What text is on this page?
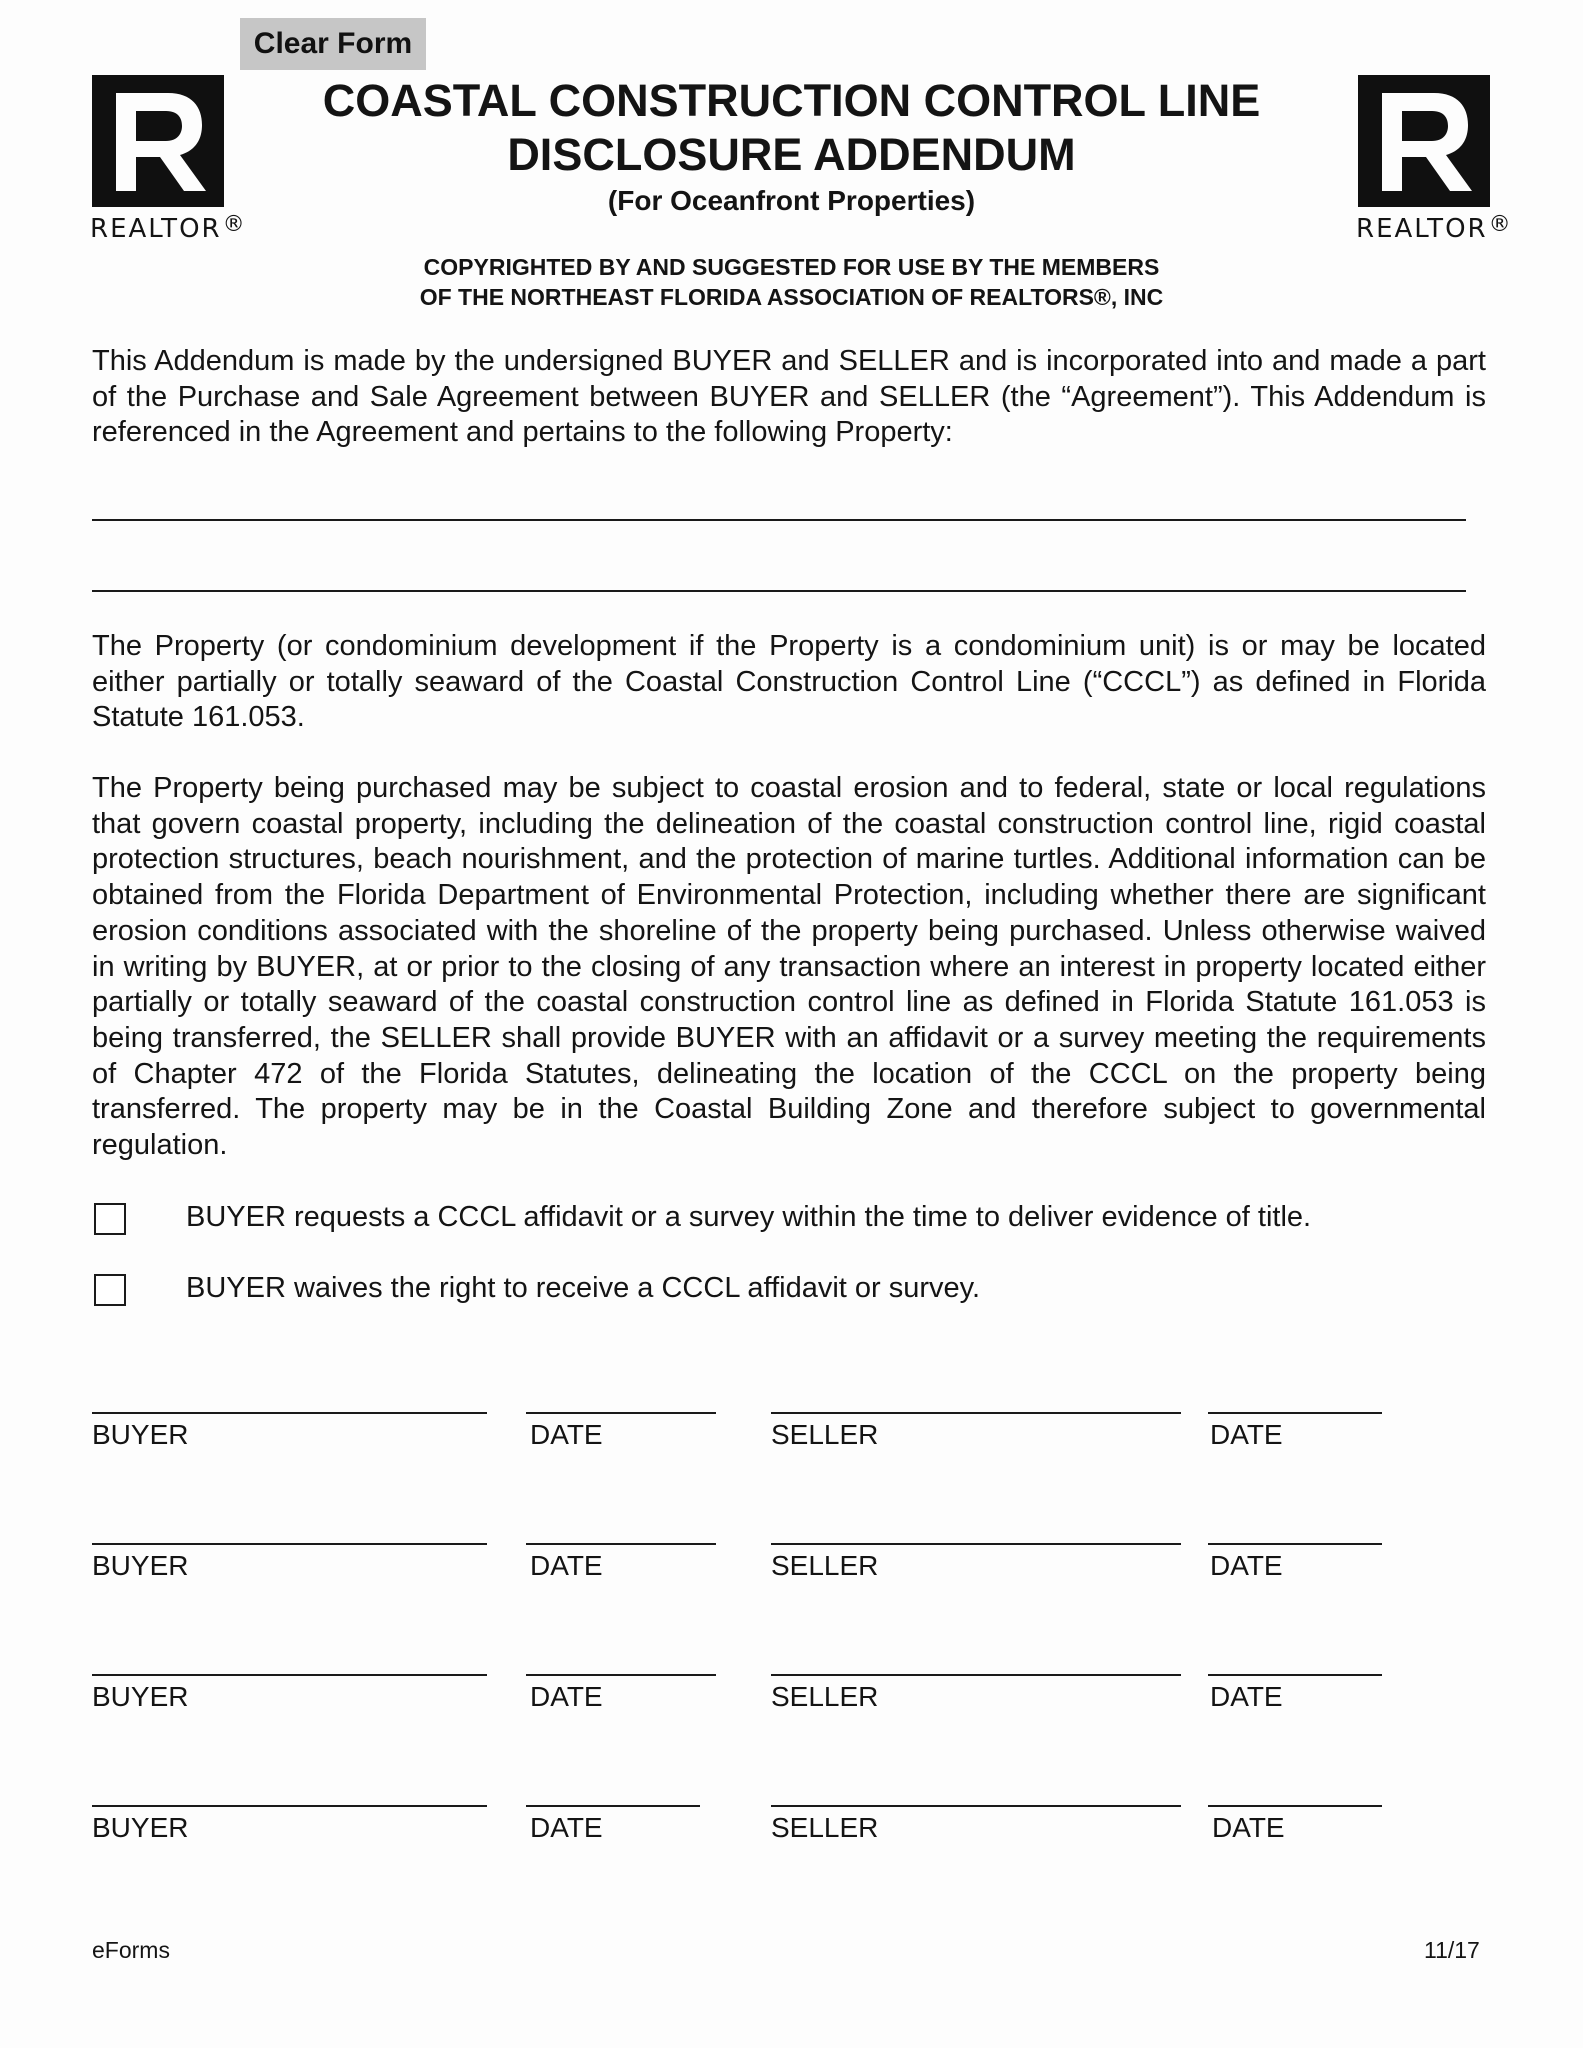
Clear Form
REALTOR®	REALTOR®
COASTAL CONSTRUCTION CONTROL LINE
DISCLOSURE ADDENDUM
(For Oceanfront Properties)
COPYRIGHTED BY AND SUGGESTED FOR USE BY THE MEMBERS
OF THE NORTHEAST FLORIDA ASSOCIATION OF REALTORS®, INC

This Addendum is made by the undersigned BUYER and SELLER and is incorporated into and made a part of the Purchase and Sale Agreement between BUYER and SELLER (the “Agreement”). This Addendum is referenced in the Agreement and pertains to the following Property:

The Property (or condominium development if the Property is a condominium unit) is or may be located either partially or totally seaward of the Coastal Construction Control Line (“CCCL”) as defined in Florida Statute 161.053.

The Property being purchased may be subject to coastal erosion and to federal, state or local regulations that govern coastal property, including the delineation of the coastal construction control line, rigid coastal protection structures, beach nourishment, and the protection of marine turtles. Additional information can be obtained from the Florida Department of Environmental Protection, including whether there are significant erosion conditions associated with the shoreline of the property being purchased. Unless otherwise waived in writing by BUYER, at or prior to the closing of any transaction where an interest in property located either partially or totally seaward of the coastal construction control line as defined in Florida Statute 161.053 is being transferred, the SELLER shall provide BUYER with an affidavit or a survey meeting the requirements of Chapter 472 of the Florida Statutes, delineating the location of the CCCL on the property being transferred. The property may be in the Coastal Building Zone and therefore subject to governmental regulation.

BUYER requests a CCCL affidavit or a survey within the time to deliver evidence of title.
BUYER waives the right to receive a CCCL affidavit or survey.
BUYER	DATE	SELLER	DATE
BUYER	DATE	SELLER	DATE
BUYER	DATE	SELLER	DATE
BUYER	DATE	SELLER	DATE
eForms	11/17
